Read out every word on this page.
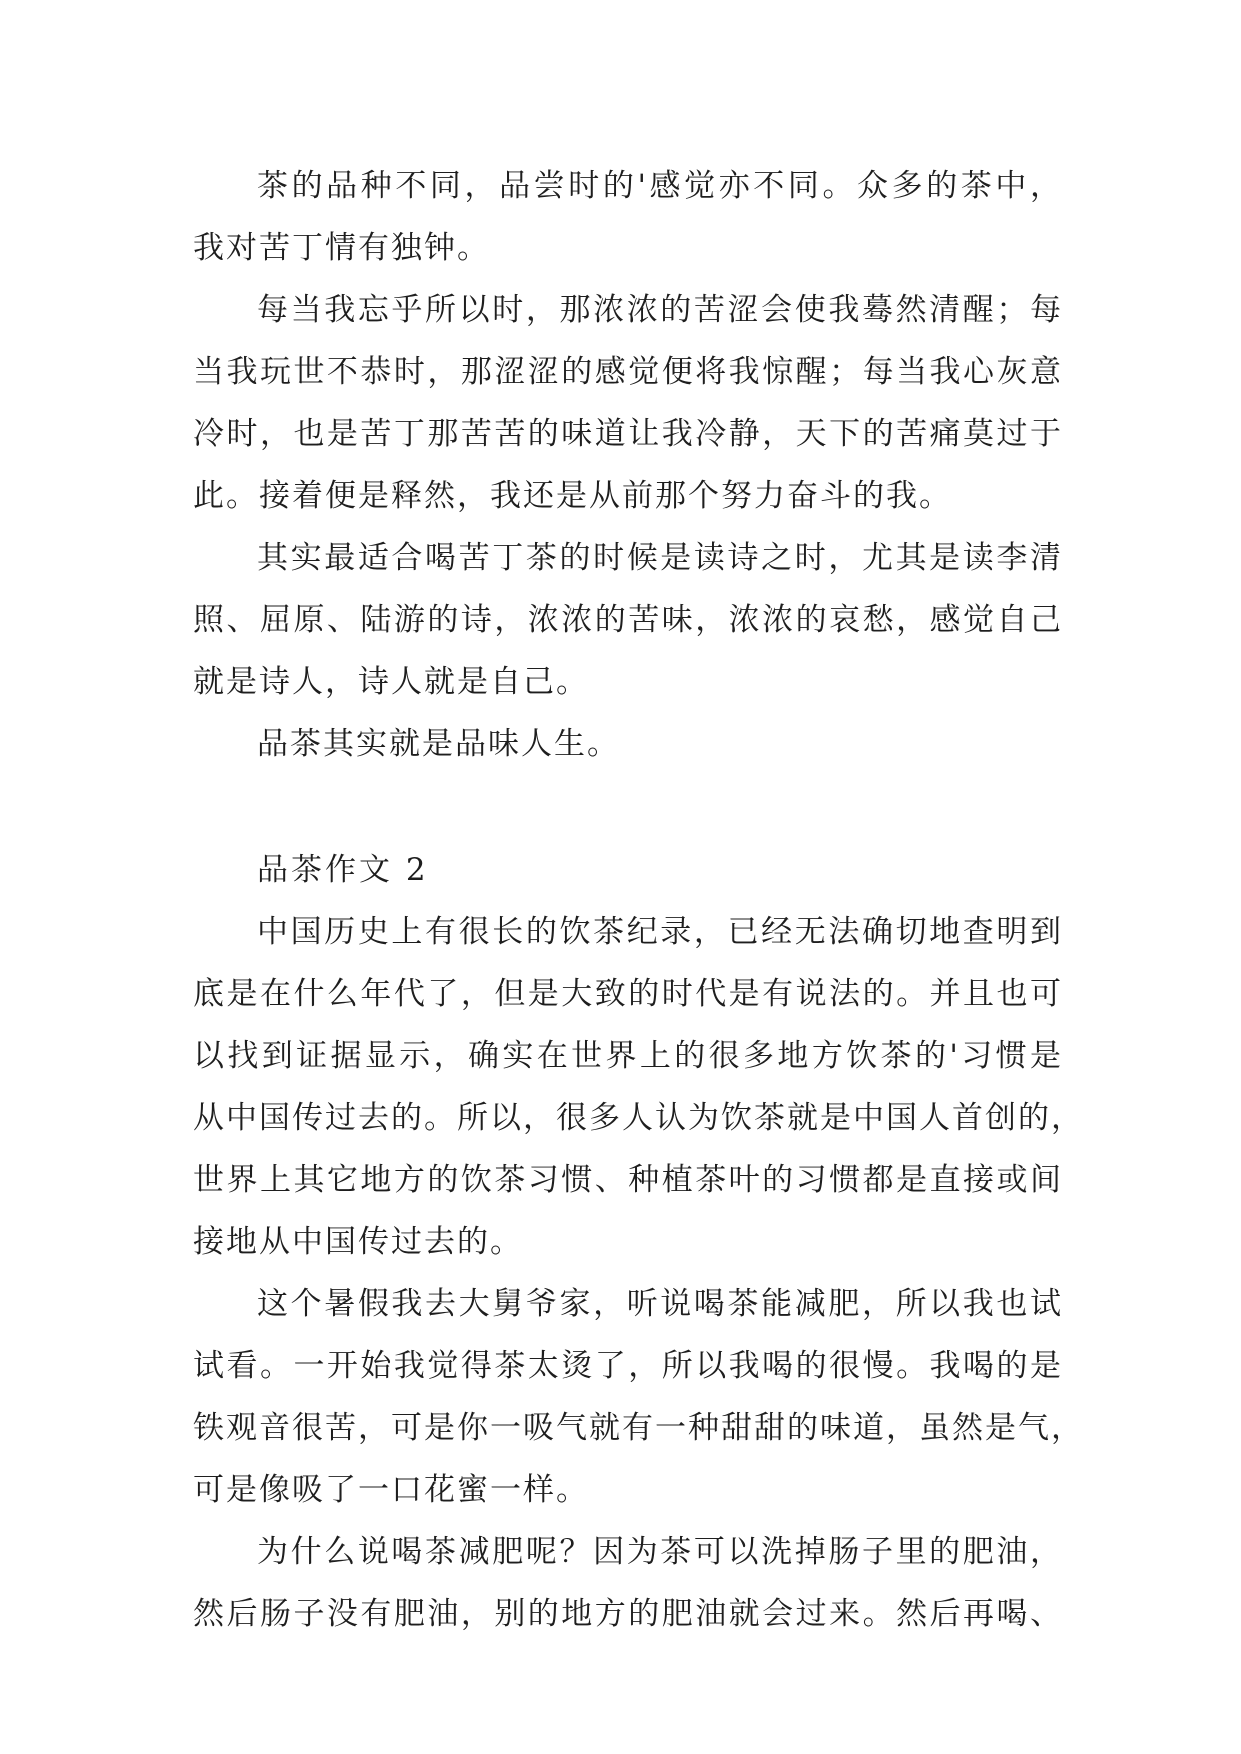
茶的品种不同，品尝时的'感觉亦不同。众多的茶中，
我对苦丁情有独钟。
每当我忘乎所以时，那浓浓的苦涩会使我蓦然清醒；每
当我玩世不恭时，那涩涩的感觉便将我惊醒；每当我心灰意
冷时，也是苦丁那苦苦的味道让我冷静，天下的苦痛莫过于
此。接着便是释然，我还是从前那个努力奋斗的我。
其实最适合喝苦丁茶的时候是读诗之时，尤其是读李清
照、屈原、陆游的诗，浓浓的苦味，浓浓的哀愁，感觉自己
就是诗人，诗人就是自己。
品茶其实就是品味人生。
品茶作文 2
中国历史上有很长的饮茶纪录，已经无法确切地查明到
底是在什么年代了，但是大致的时代是有说法的。并且也可
以找到证据显示，确实在世界上的很多地方饮茶的'习惯是
从中国传过去的。所以，很多人认为饮茶就是中国人首创的，
世界上其它地方的饮茶习惯、种植茶叶的习惯都是直接或间
接地从中国传过去的。
这个暑假我去大舅爷家，听说喝茶能减肥，所以我也试
试看。一开始我觉得茶太烫了，所以我喝的很慢。我喝的是
铁观音很苦，可是你一吸气就有一种甜甜的味道，虽然是气，
可是像吸了一口花蜜一样。
为什么说喝茶减肥呢？因为茶可以洗掉肠子里的肥油，
然后肠子没有肥油，别的地方的肥油就会过来。然后再喝、
